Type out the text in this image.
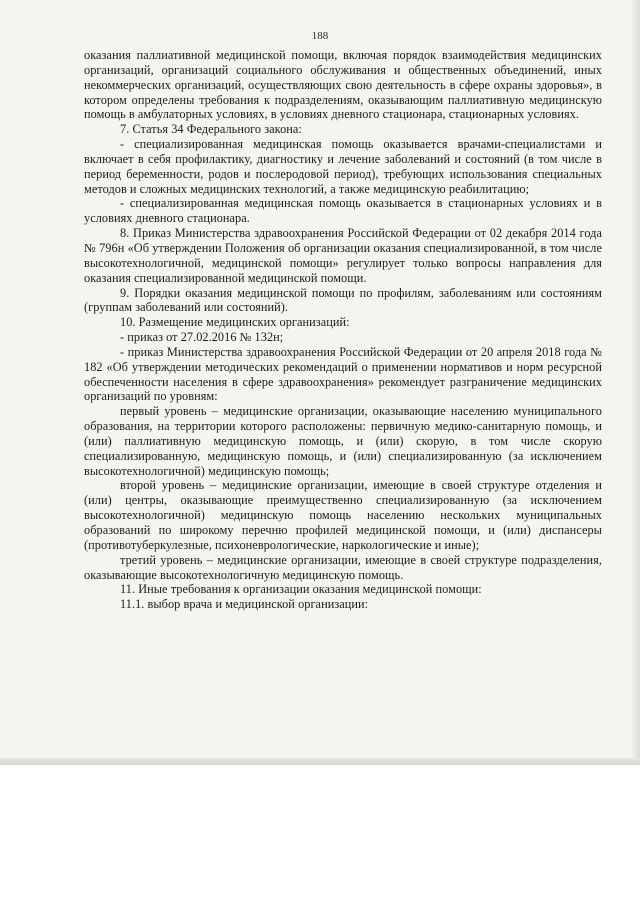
188

оказания паллиативной медицинской помощи, включая порядок взаимодействия медицинских организаций, организаций социального обслуживания и общественных объединений, иных некоммерческих организаций, осуществляющих свою деятельность в сфере охраны здоровья», в котором определены требования к подразделениям, оказывающим паллиативную медицинскую помощь в амбулаторных условиях, в условиях дневного стационара, стационарных условиях.

7. Статья 34 Федерального закона:

- специализированная медицинская помощь оказывается врачами-специалистами и включает в себя профилактику, диагностику и лечение заболеваний и состояний (в том числе в период беременности, родов и послеродовой период), требующих использования специальных методов и сложных медицинских технологий, а также медицинскую реабилитацию;

- специализированная медицинская помощь оказывается в стационарных условиях и в условиях дневного стационара.

8. Приказ Министерства здравоохранения Российской Федерации от 02 декабря 2014 года № 796н «Об утверждении Положения об организации оказания специализированной, в том числе высокотехнологичной, медицинской помощи» регулирует только вопросы направления для оказания специализированной медицинской помощи.

9. Порядки оказания медицинской помощи по профилям, заболеваниям или состояниям (группам заболеваний или состояний).

10. Размещение медицинских организаций:

- приказ от 27.02.2016 № 132н;

- приказ Министерства здравоохранения Российской Федерации от 20 апреля 2018 года № 182 «Об утверждении методических рекомендаций о применении нормативов и норм ресурсной обеспеченности населения в сфере здравоохранения» рекомендует разграничение медицинских организаций по уровням:

первый уровень – медицинские организации, оказывающие населению муниципального образования, на территории которого расположены: первичную медико-санитарную помощь, и (или) паллиативную медицинскую помощь, и (или) скорую, в том числе скорую специализированную, медицинскую помощь, и (или) специализированную (за исключением высокотехнологичной) медицинскую помощь;

второй уровень – медицинские организации, имеющие в своей структуре отделения и (или) центры, оказывающие преимущественно специализированную (за исключением высокотехнологичной) медицинскую помощь населению нескольких муниципальных образований по широкому перечню профилей медицинской помощи, и (или) диспансеры (противотуберкулезные, психоневрологические, наркологические и иные);

третий уровень – медицинские организации, имеющие в своей структуре подразделения, оказывающие высокотехнологичную медицинскую помощь.

11. Иные требования к организации оказания медицинской помощи:

11.1. выбор врача и медицинской организации:
